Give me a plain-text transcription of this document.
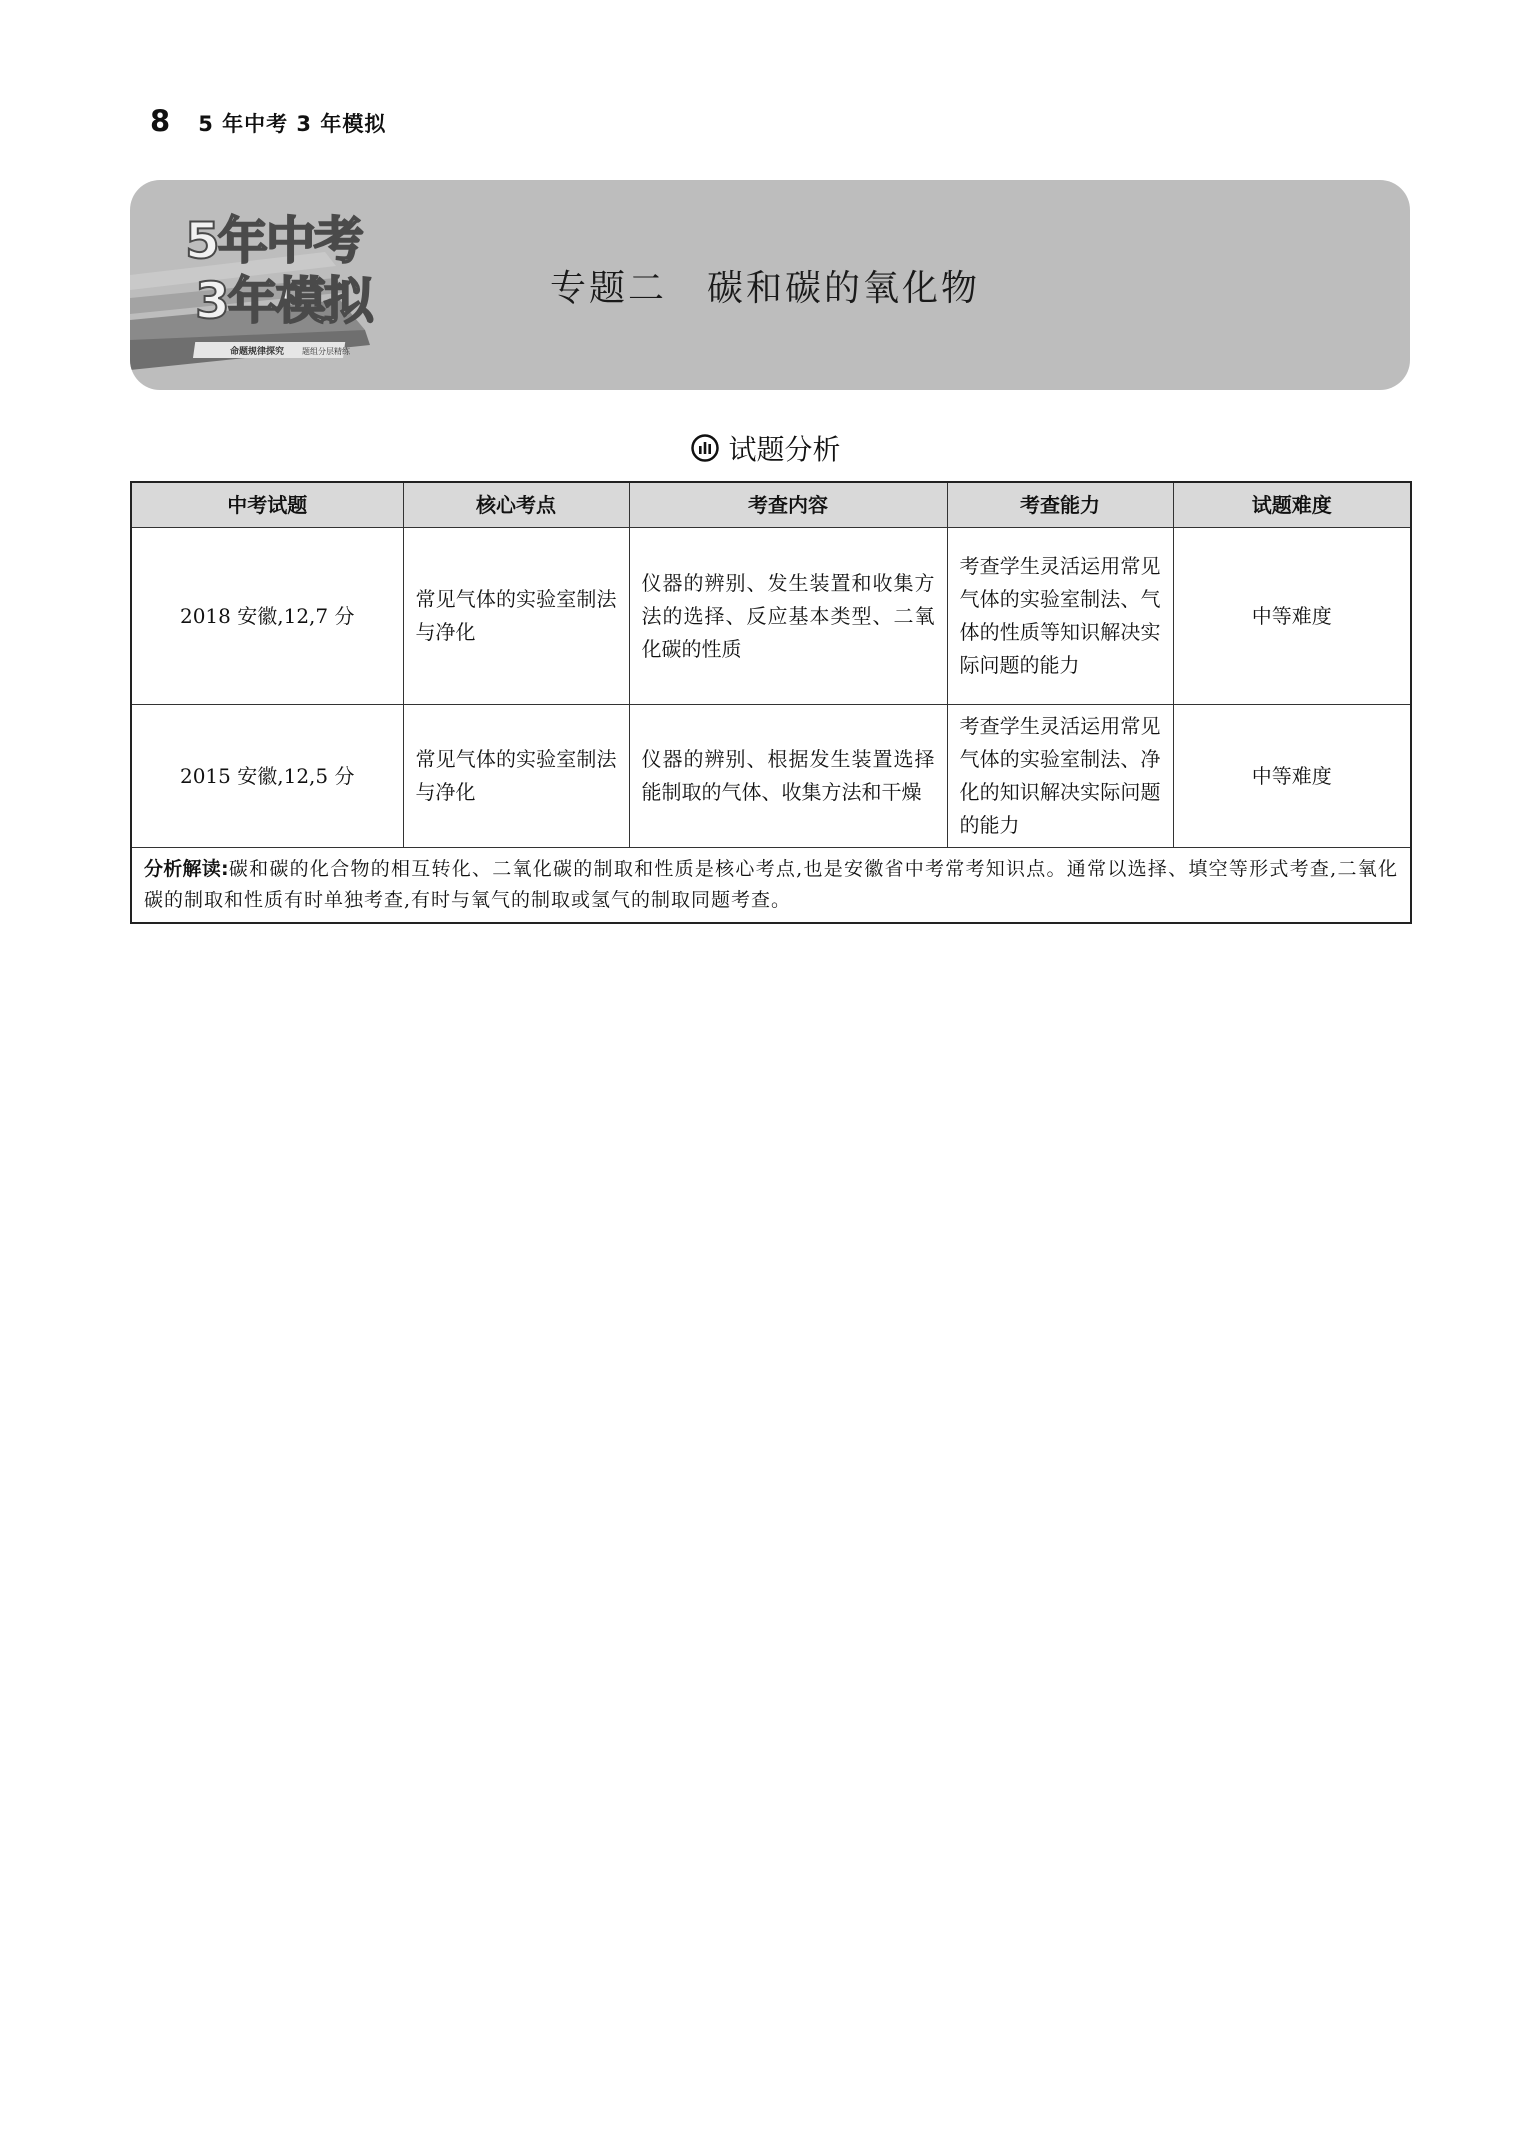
8 5 年中考 3 年模拟
命题规律探究 题组分层精练
5年中考
3年模拟	专题二 碳和碳的氧化物
试题分析
中考试题	核心考点	考查内容	考查能力	试题难度
2018 安徽,12,7 分	常见气体的实验室制法与净化	仪器的辨别、发生装置和收集方法的选择、反应基本类型、二氧化碳的性质	考查学生灵活运用常见气体的实验室制法、气体的性质等知识解决实际问题的能力	中等难度
2015 安徽,12,5 分	常见气体的实验室制法与净化	仪器的辨别、根据发生装置选择能制取的气体、收集方法和干燥	考查学生灵活运用常见气体的实验室制法、净化的知识解决实际问题的能力	中等难度
分析解读:碳和碳的化合物的相互转化、二氧化碳的制取和性质是核心考点,也是安徽省中考常考知识点。通常以选择、填空等形式考查,二氧化碳的制取和性质有时单独考查,有时与氧气的制取或氢气的制取同题考查。				
